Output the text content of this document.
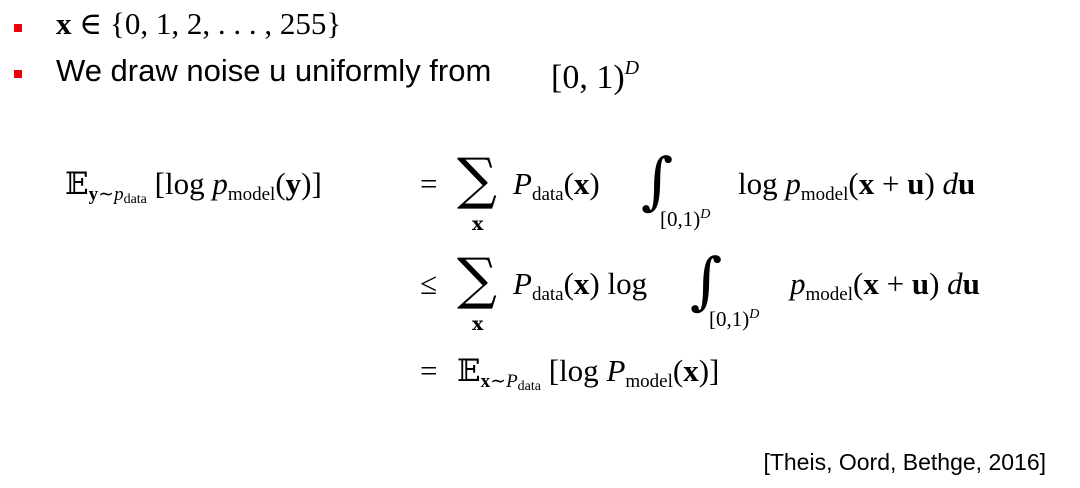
x ∈ {0, 1, 2, . . . , 255}
We draw noise u uniformly from [0, 1)$^D$
𝔼$_{y\sim pdata}$ [log $p_{model}(y)$]	= ∑
x
$P_{data}(x)$ ∫
[0,1)$^D$
$\log p_{model}(x + u)$ du
≤ ∑
x
$P_{data}(x)$ log ∫
[0,1)$^D$
$p_{model}(x + u)$ du
= 𝔼$_{x\sim Pdata}$ [log $P_{model}(x)$]
[Theis, Oord, Bethge, 2016]
